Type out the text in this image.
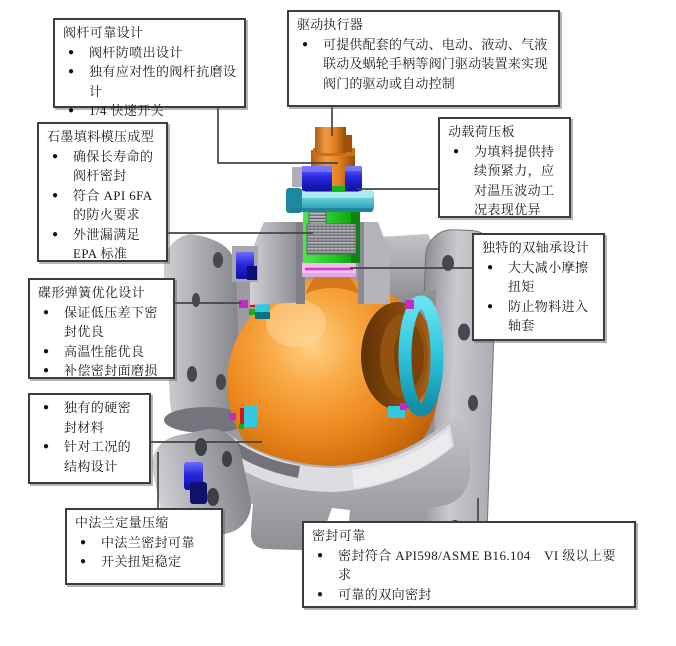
阀杆可靠设计
●	阀杆防喷出设计
●	独有应对性的阀杆抗磨设计
●	1/4 快速开关
驱动执行器
●	可提供配套的气动、电动、液动、气液联动及蜗轮手柄等阀门驱动装置来实现阀门的驱动或自动控制
石墨填料模压成型
●	确保长寿命的阀杆密封
●	符合 API 6FA 的防火要求
●	外泄漏满足 EPA 标准
动载荷压板
●	为填料提供持续预紧力，应对温压波动工况表现优异
独特的双轴承设计
●	大大减小摩擦扭矩
●	防止物料进入轴套
碟形弹簧优化设计
●	保证低压差下密封优良
●	高温性能优良
●	补偿密封面磨损
●	独有的硬密封材料
●	针对工况的结构设计
中法兰定量压缩
●	中法兰密封可靠
●	开关扭矩稳定
密封可靠
●	密封符合 API598/ASME B16.104　VI 级以上要求
●	可靠的双向密封
